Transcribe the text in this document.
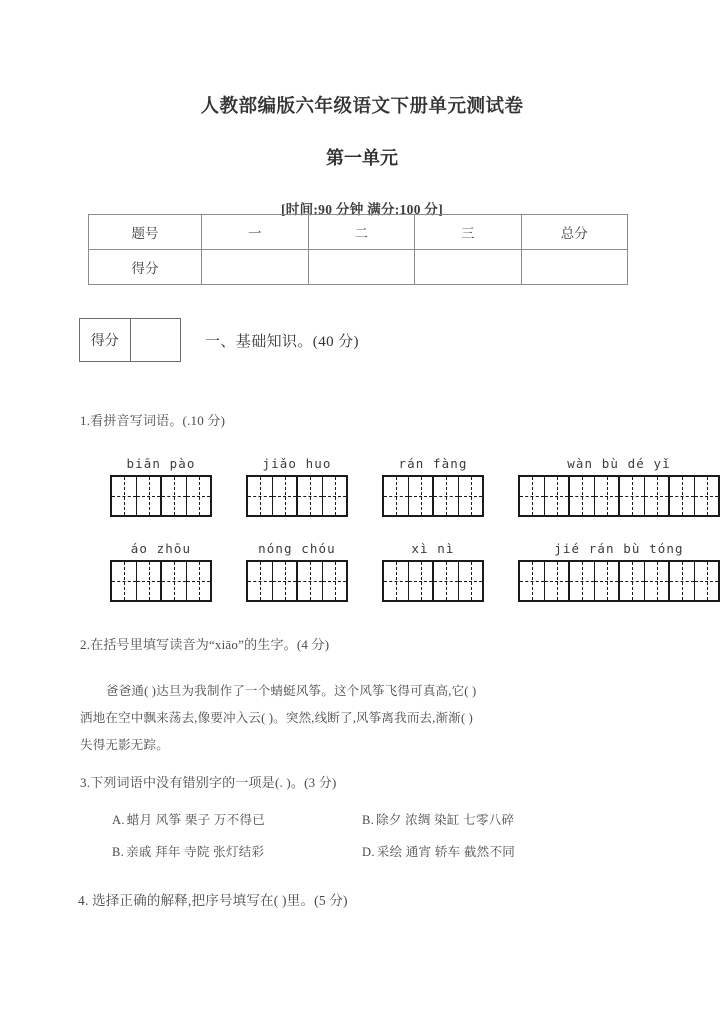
人教部编版六年级语文下册单元测试卷
第一单元
[时间:90 分钟 满分:100 分]
题号	一	二	三	总分
得分				
得分	一、基础知识。(40 分)
1.看拼音写词语。(.10 分)
biān pào	jiǎo huo	rán fàng	wàn bù dé yǐ
áo zhōu	nóng chóu	xì nì	jié rán bù tóng
2.在括号里填写读音为“xiāo”的生字。(4 分)
爸爸通( )达旦为我制作了一个蜻蜓风筝。这个风筝飞得可真高,它( )
洒地在空中飘来荡去,像要冲入云( )。突然,线断了,风筝离我而去,渐渐( )
失得无影无踪。
3.下列词语中没有错别字的一项是(. )。(3 分)
A. 蜡月 风筝 栗子 万不得已	B. 除夕 浓绸 染缸 七零八碎
B. 亲戚 拜年 寺院 张灯结彩	D. 采绘 通宵 轿车 截然不同
4. 选择正确的解释,把序号填写在( )里。(5 分)
